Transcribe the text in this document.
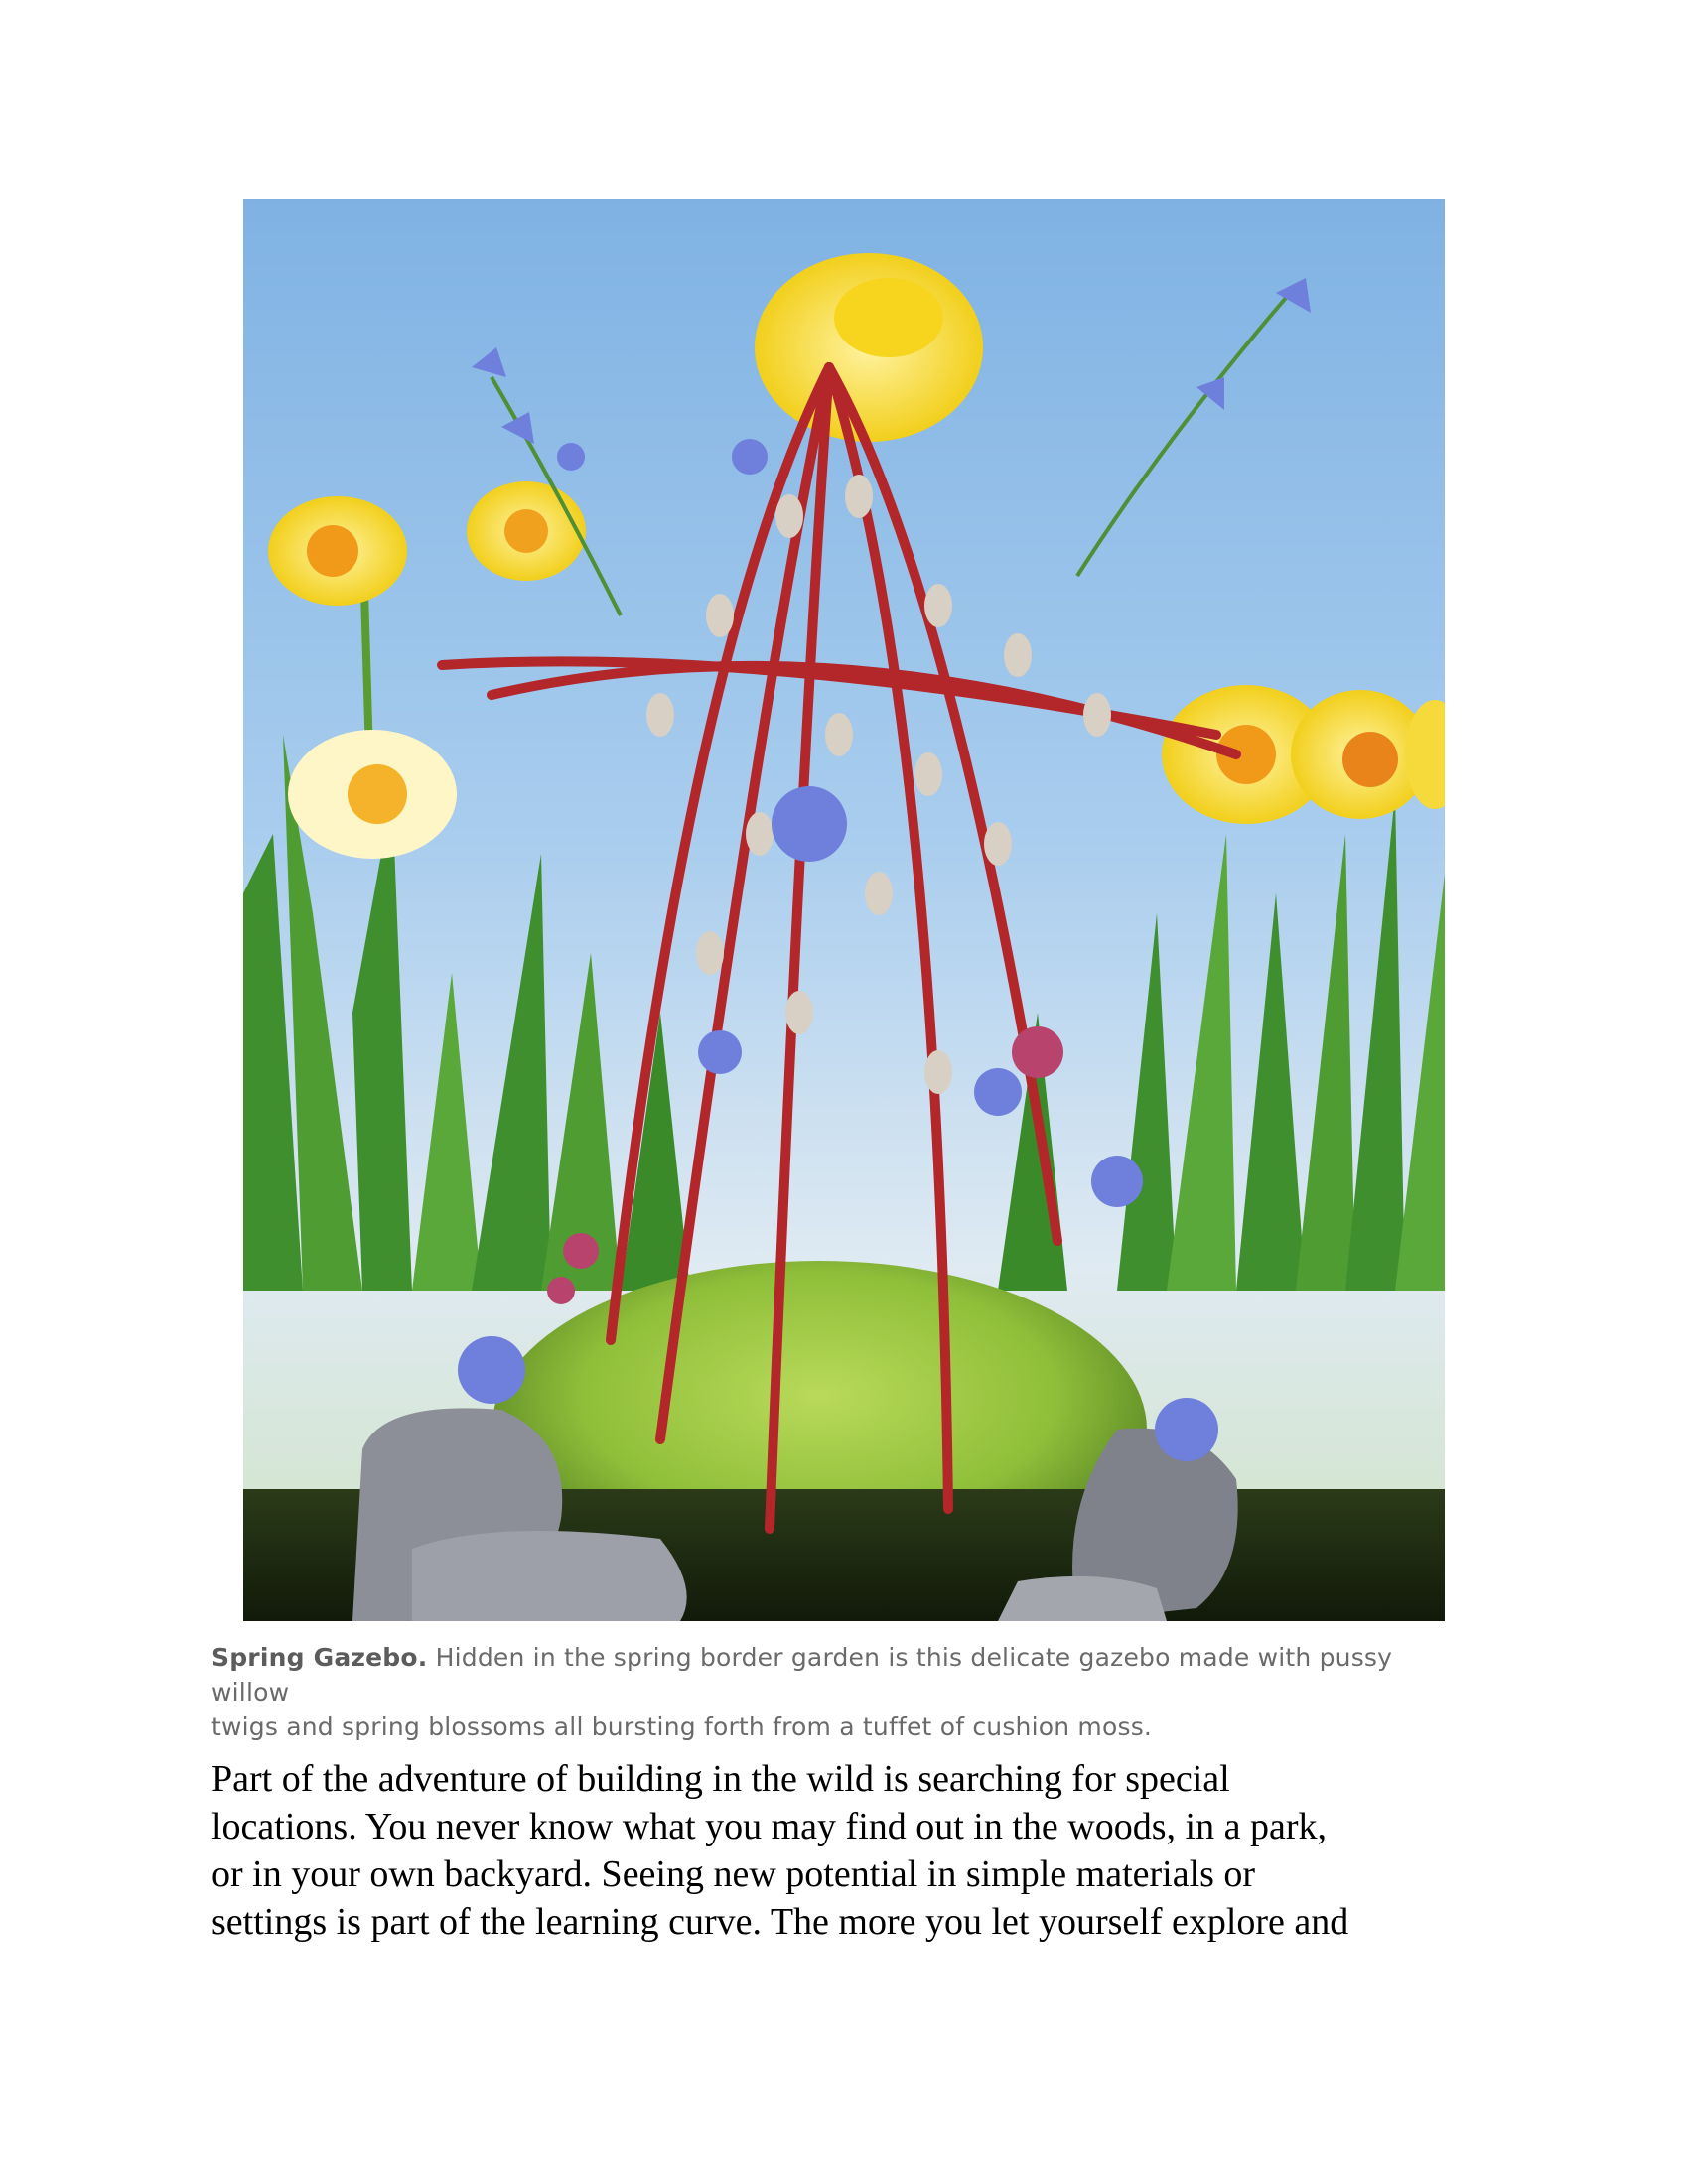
Spring Gazebo. Hidden in the spring border garden is this delicate gazebo made with pussy willow
twigs and spring blossoms all bursting forth from a tuffet of cushion moss.
Part of the adventure of building in the wild is searching for special
locations. You never know what you may find out in the woods, in a park,
or in your own backyard. Seeing new potential in simple materials or
settings is part of the learning curve. The more you let yourself explore and
